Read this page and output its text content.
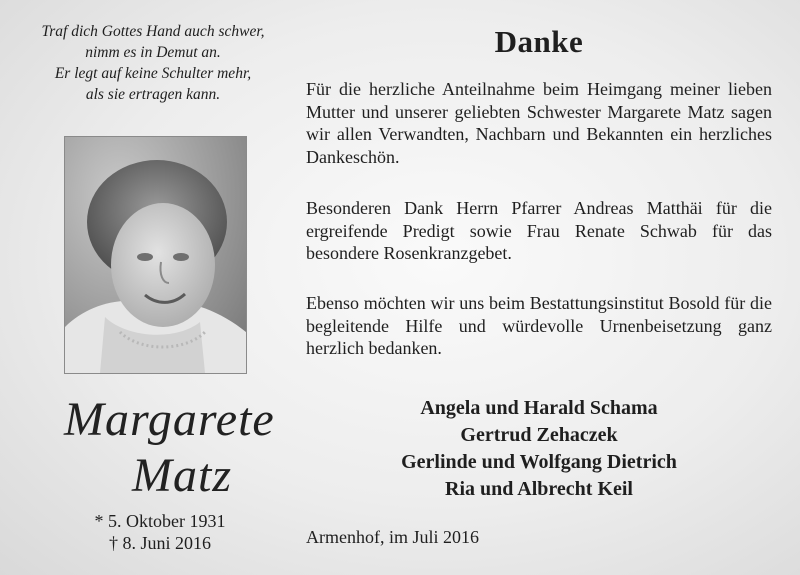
Traf dich Gottes Hand auch schwer,
nimm es in Demut an.
Er legt auf keine Schulter mehr,
als sie ertragen kann.
Margarete
Matz
* 5. Oktober 1931
† 8. Juni 2016
Danke
Für die herzliche Anteilnahme beim Heimgang meiner lieben Mutter und unserer geliebten Schwester Margarete Matz sagen wir allen Verwandten, Nachbarn und Bekannten ein herzliches Dankeschön.
Besonderen Dank Herrn Pfarrer Andreas Matthäi für die ergreifende Predigt sowie Frau Renate Schwab für das besondere Rosenkranzgebet.
Ebenso möchten wir uns beim Bestattungsinstitut Bosold für die begleitende Hilfe und würdevolle Urnenbeisetzung ganz herzlich bedanken.
Angela und Harald Schama
Gertrud Zehaczek
Gerlinde und Wolfgang Dietrich
Ria und Albrecht Keil
Armenhof, im Juli 2016
